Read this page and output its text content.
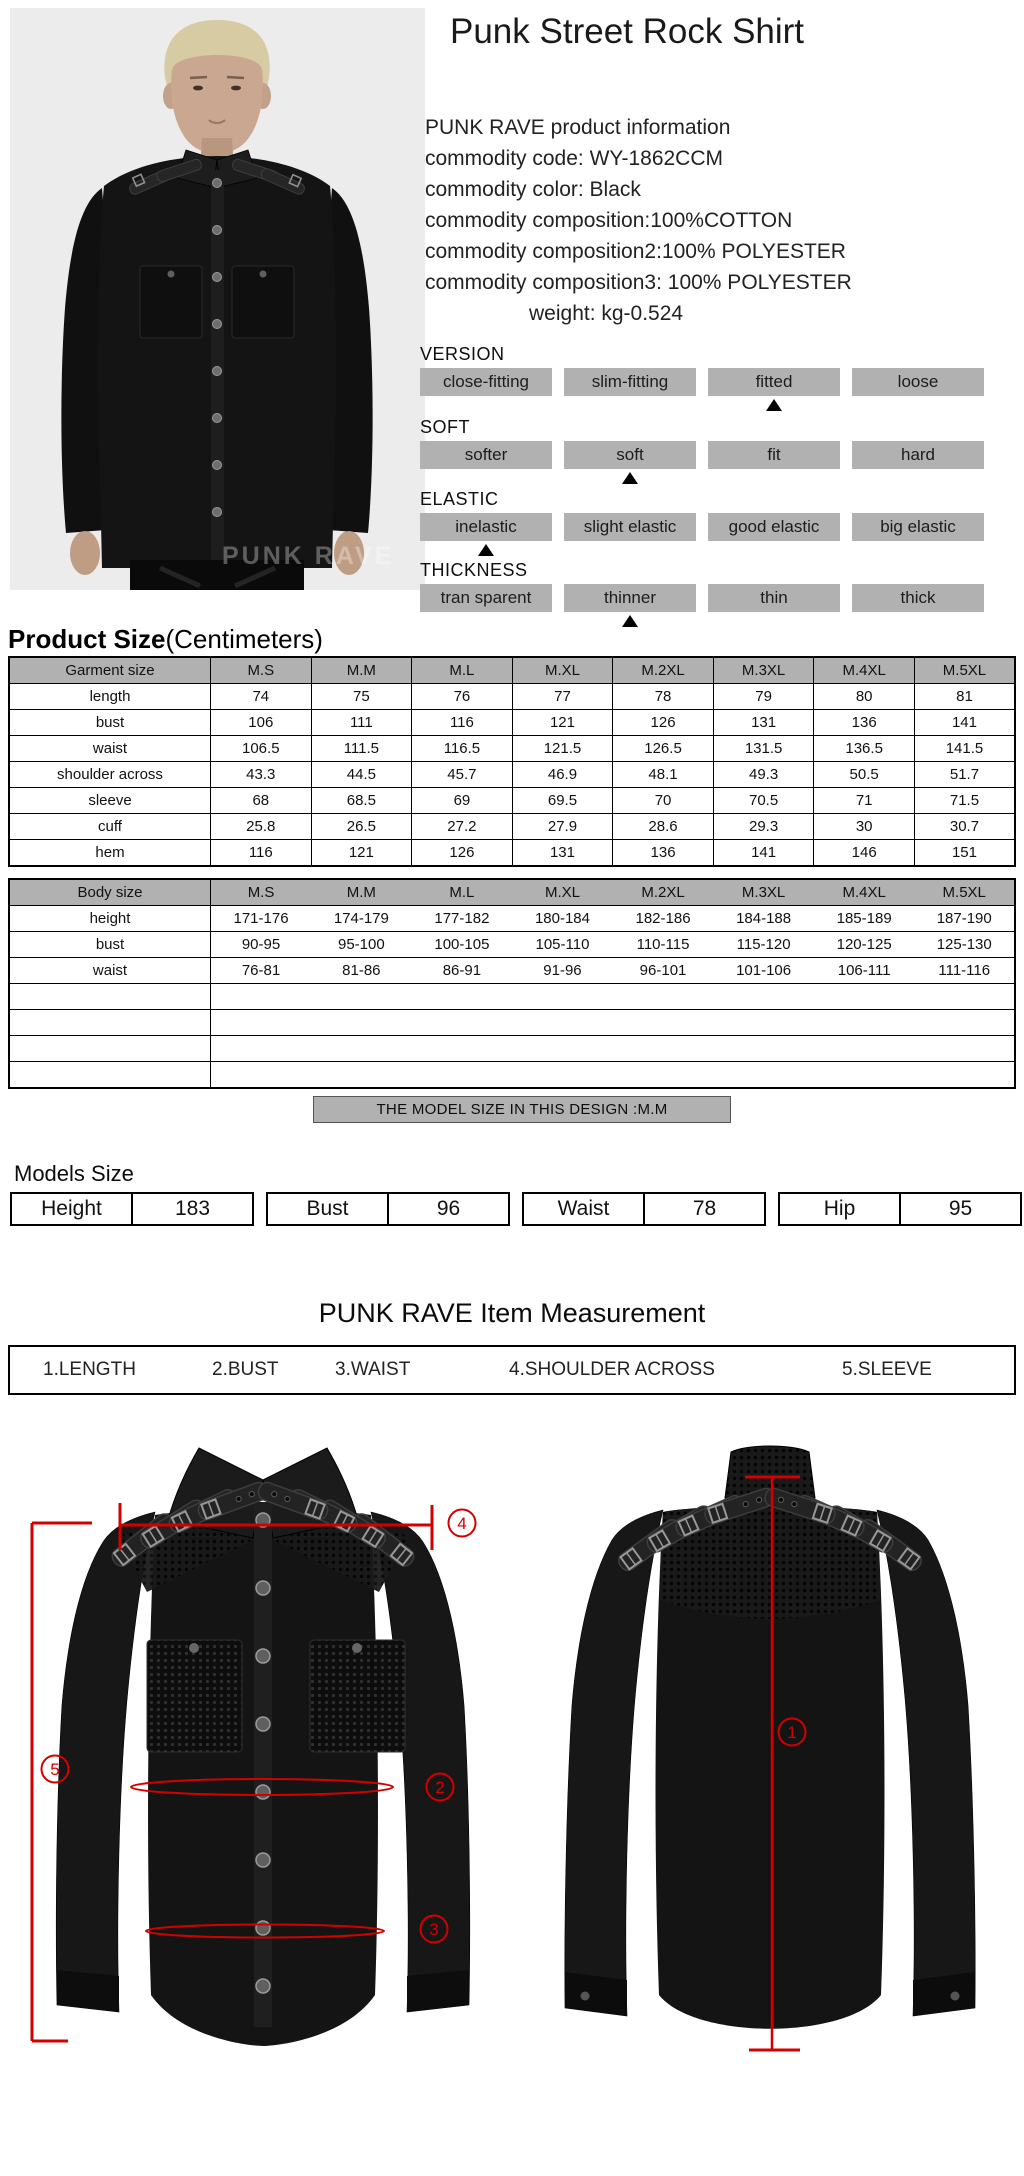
PUNK RAVE
Punk Street Rock Shirt
PUNK RAVE product information
commodity code: WY-1862CCM
commodity color: Black
commodity composition:100%COTTON
commodity composition2:100% POLYESTER
commodity composition3: 100% POLYESTER
weight: kg-0.524
VERSION
close-fitting	slim-fitting	fitted	loose
SOFT
softer	soft	fit	hard
ELASTIC
inelastic	slight elastic	good elastic	big elastic
THICKNESS
tran sparent	thinner	thin	thick
Product Size(Centimeters)
Garment size	M.S	M.M	M.L	M.XL	M.2XL	M.3XL	M.4XL	M.5XL
length	74	75	76	77	78	79	80	81
bust	106	111	116	121	126	131	136	141
waist	106.5	111.5	116.5	121.5	126.5	131.5	136.5	141.5
shoulder across	43.3	44.5	45.7	46.9	48.1	49.3	50.5	51.7
sleeve	68	68.5	69	69.5	70	70.5	71	71.5
cuff	25.8	26.5	27.2	27.9	28.6	29.3	30	30.7
hem	116	121	126	131	136	141	146	151
Body size	M.S	M.M	M.L	M.XL	M.2XL	M.3XL	M.4XL	M.5XL
height	171-176	174-179	177-182	180-184	182-186	184-188	185-189	187-190
bust	90-95	95-100	100-105	105-110	110-115	115-120	120-125	125-130
waist	76-81	81-86	86-91	91-96	96-101	101-106	106-111	111-116

THE MODEL SIZE IN THIS DESIGN :M.M
Models Size
Height	183	Bust	96	Waist	78	Hip	95
PUNK RAVE Item Measurement
1.LENGTH	2.BUST	3.WAIST	4.SHOULDER ACROSS	5.SLEEVE
4
5
2
3
1
